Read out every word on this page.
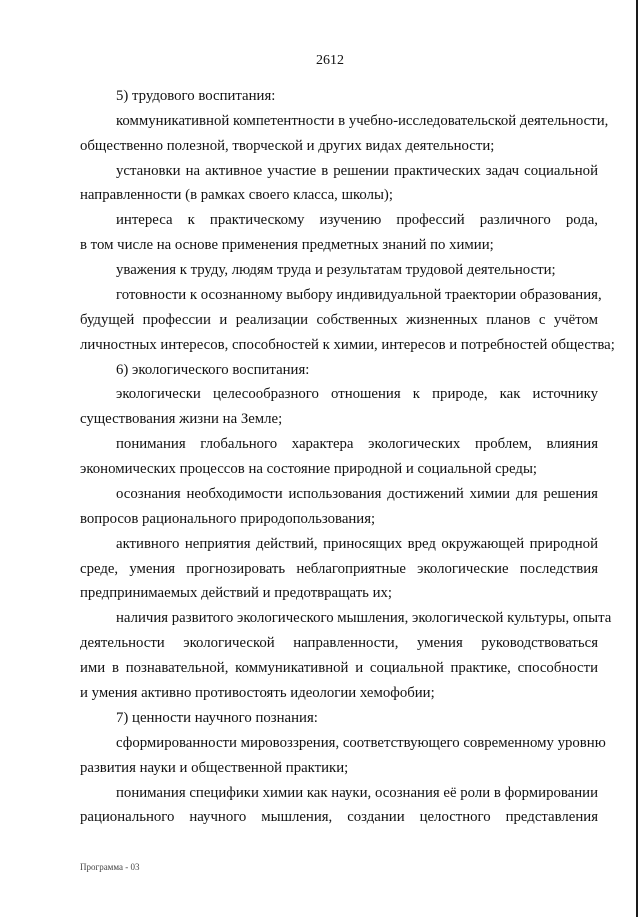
2612
5) трудового воспитания:
коммуникативной компетентности в учебно-исследовательской деятельности,
общественно полезной, творческой и других видах деятельности;
установки на активное участие в решении практических задач социальной
направленности (в рамках своего класса, школы);
интереса к практическому изучению профессий различного рода,
в том числе на основе применения предметных знаний по химии;
уважения к труду, людям труда и результатам трудовой деятельности;
готовности к осознанному выбору индивидуальной траектории образования,
будущей профессии и реализации собственных жизненных планов с учётом
личностных интересов, способностей к химии, интересов и потребностей общества;
6) экологического воспитания:
экологически целесообразного отношения к природе, как источнику
существования жизни на Земле;
понимания глобального характера экологических проблем, влияния
экономических процессов на состояние природной и социальной среды;
осознания необходимости использования достижений химии для решения
вопросов рационального природопользования;
активного неприятия действий, приносящих вред окружающей природной
среде, умения прогнозировать неблагоприятные экологические последствия
предпринимаемых действий и предотвращать их;
наличия развитого экологического мышления, экологической культуры, опыта
деятельности экологической направленности, умения руководствоваться
ими в познавательной, коммуникативной и социальной практике, способности
и умения активно противостоять идеологии хемофобии;
7) ценности научного познания:
сформированности мировоззрения, соответствующего современному уровню
развития науки и общественной практики;
понимания специфики химии как науки, осознания её роли в формировании
рационального научного мышления, создании целостного представления
Программа - 03
